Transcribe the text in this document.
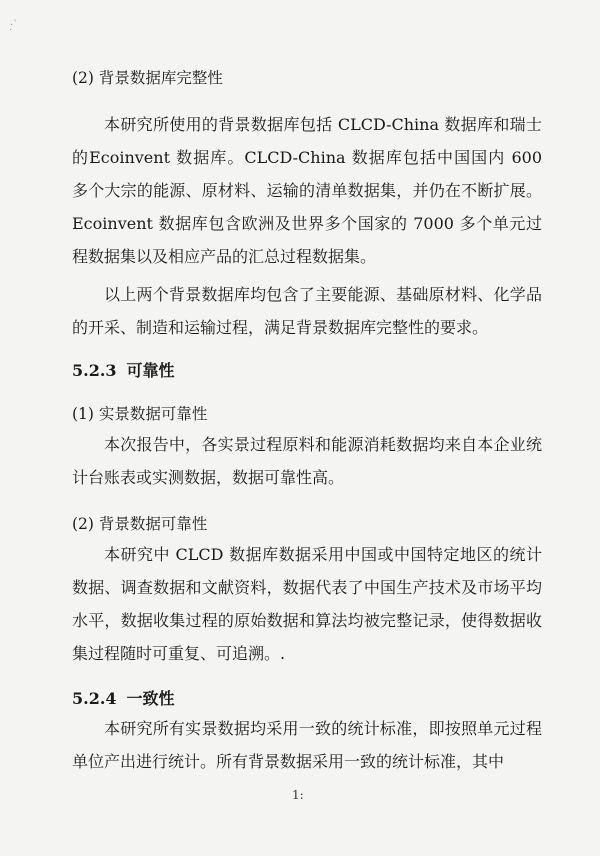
·̣ˋ
(2) 背景数据库完整性
本研究所使用的背景数据库包括 CLCD-China 数据库和瑞士的Ecoinvent 数据库。CLCD-China 数据库包括中国国内 600 多个大宗的能源、原材料、运输的清单数据集，并仍在不断扩展。Ecoinvent 数据库包含欧洲及世界多个国家的 7000 多个单元过程数据集以及相应产品的汇总过程数据集。
以上两个背景数据库均包含了主要能源、基础原材料、化学品的开采、制造和运输过程，满足背景数据库完整性的要求。
5.2.3 可靠性
(1) 实景数据可靠性
本次报告中，各实景过程原料和能源消耗数据均来自本企业统计台账表或实测数据，数据可靠性高。
(2) 背景数据可靠性
本研究中 CLCD 数据库数据采用中国或中国特定地区的统计数据、调查数据和文献资料，数据代表了中国生产技术及市场平均水平，数据收集过程的原始数据和算法均被完整记录，使得数据收集过程随时可重复、可追溯。.
5.2.4 一致性
本研究所有实景数据均采用一致的统计标准，即按照单元过程单位产出进行统计。所有背景数据采用一致的统计标准，其中
1:
